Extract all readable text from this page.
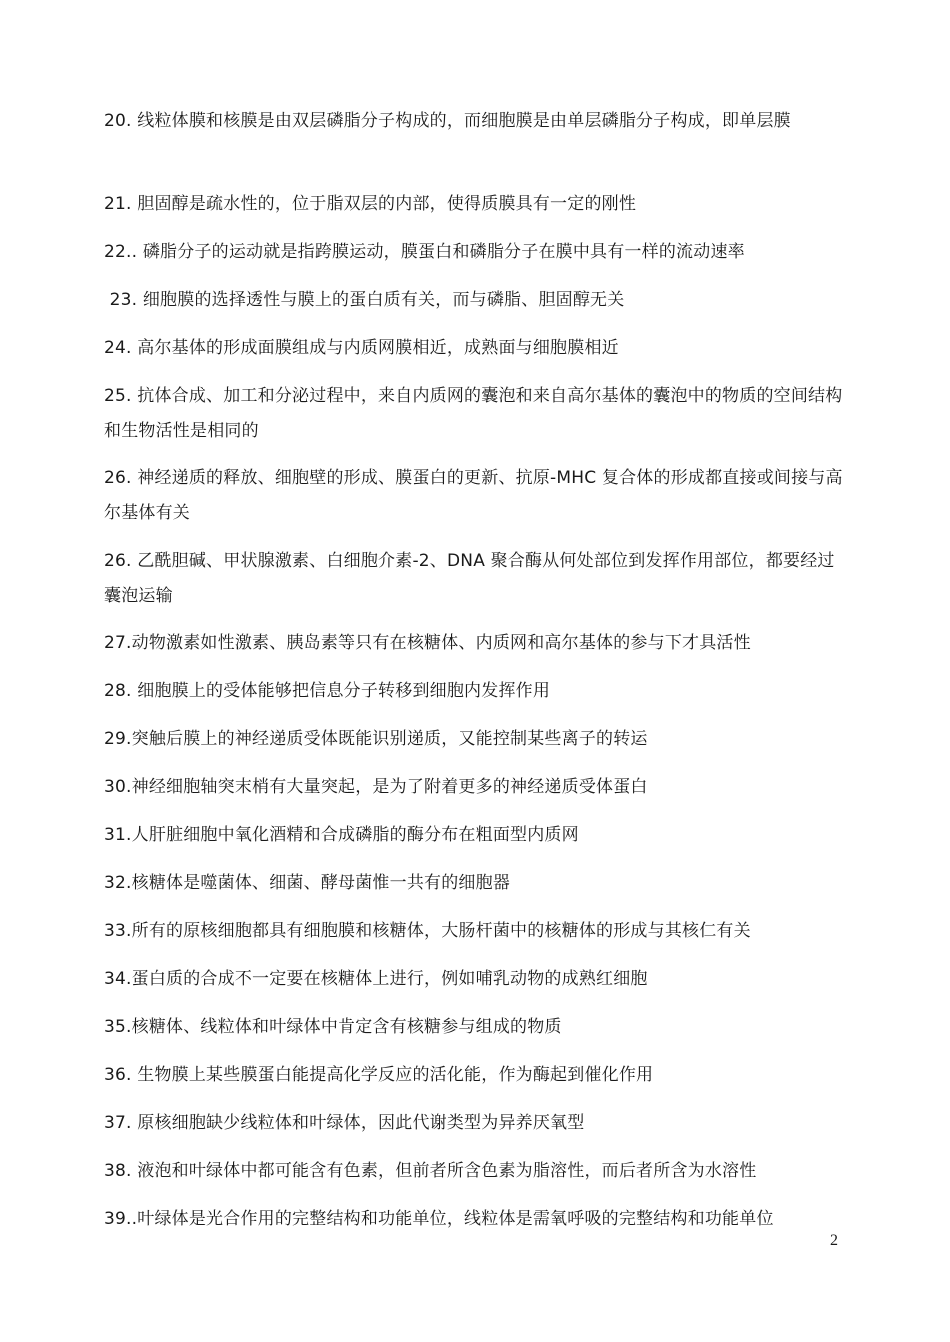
20. 线粒体膜和核膜是由双层磷脂分子构成的，而细胞膜是由单层磷脂分子构成，即单层膜

21. 胆固醇是疏水性的，位于脂双层的内部，使得质膜具有一定的刚性

22.. 磷脂分子的运动就是指跨膜运动，膜蛋白和磷脂分子在膜中具有一样的流动速率

23. 细胞膜的选择透性与膜上的蛋白质有关，而与磷脂、胆固醇无关

24. 高尔基体的形成面膜组成与内质网膜相近，成熟面与细胞膜相近

25. 抗体合成、加工和分泌过程中，来自内质网的囊泡和来自高尔基体的囊泡中的物质的空间结构和生物活性是相同的

26. 神经递质的释放、细胞壁的形成、膜蛋白的更新、抗原-MHC 复合体的形成都直接或间接与高尔基体有关

26. 乙酰胆碱、甲状腺激素、白细胞介素-2、DNA 聚合酶从何处部位到发挥作用部位，都要经过囊泡运输

27.动物激素如性激素、胰岛素等只有在核糖体、内质网和高尔基体的参与下才具活性

28. 细胞膜上的受体能够把信息分子转移到细胞内发挥作用

29.突触后膜上的神经递质受体既能识别递质，又能控制某些离子的转运

30.神经细胞轴突末梢有大量突起，是为了附着更多的神经递质受体蛋白

31.人肝脏细胞中氧化酒精和合成磷脂的酶分布在粗面型内质网

32.核糖体是噬菌体、细菌、酵母菌惟一共有的细胞器

33.所有的原核细胞都具有细胞膜和核糖体，大肠杆菌中的核糖体的形成与其核仁有关

34.蛋白质的合成不一定要在核糖体上进行，例如哺乳动物的成熟红细胞

35.核糖体、线粒体和叶绿体中肯定含有核糖参与组成的物质

36. 生物膜上某些膜蛋白能提高化学反应的活化能，作为酶起到催化作用

37. 原核细胞缺少线粒体和叶绿体，因此代谢类型为异养厌氧型

38. 液泡和叶绿体中都可能含有色素，但前者所含色素为脂溶性，而后者所含为水溶性

39..叶绿体是光合作用的完整结构和功能单位，线粒体是需氧呼吸的完整结构和功能单位

2
